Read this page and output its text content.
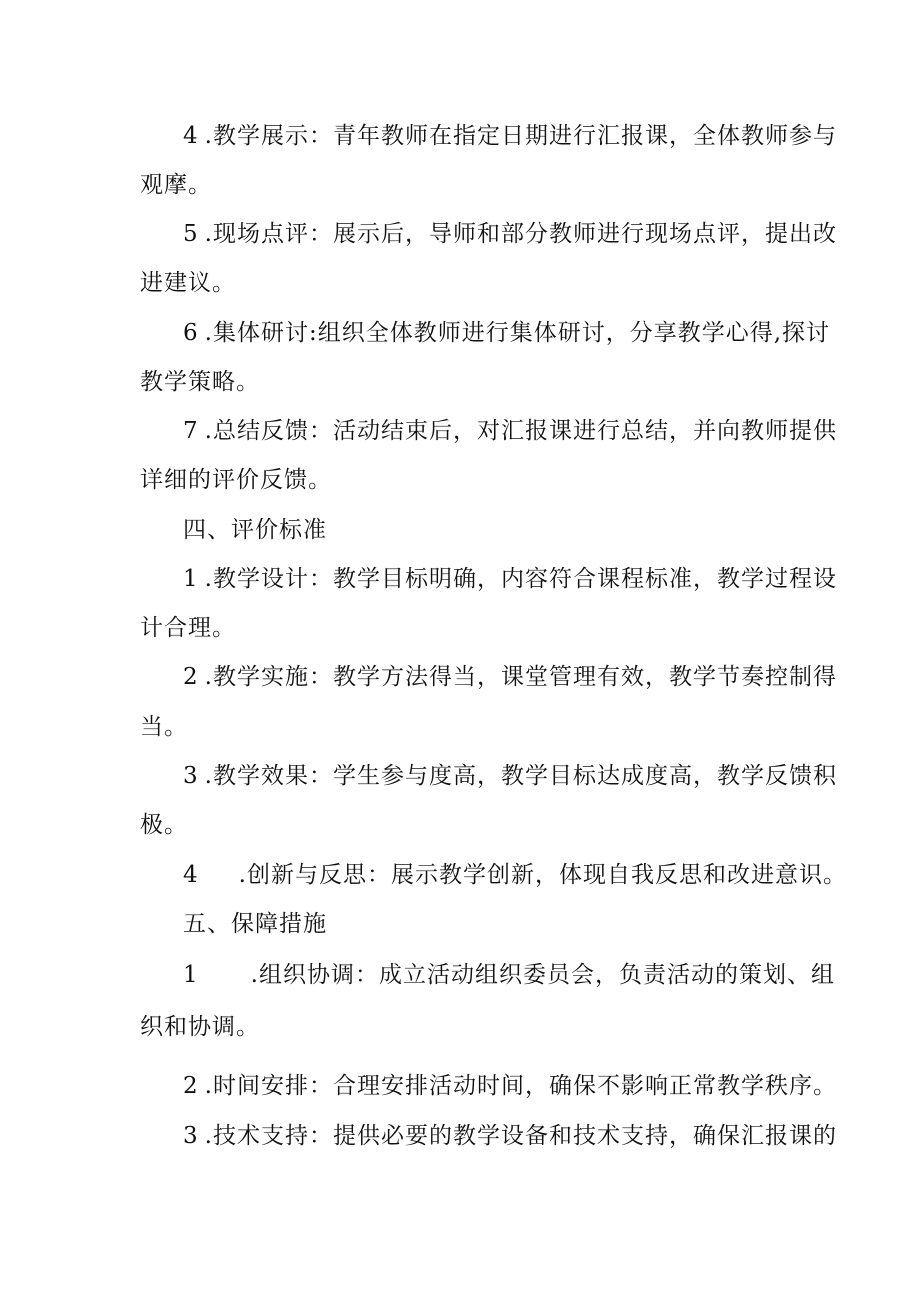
4 .教学展示：青年教师在指定日期进行汇报课，全体教师参与
观摩。
5 .现场点评：展示后，导师和部分教师进行现场点评，提出改
进建议。
6 .集体研讨:组织全体教师进行集体研讨，分享教学心得,探讨
教学策略。
7 .总结反馈：活动结束后，对汇报课进行总结，并向教师提供
详细的评价反馈。
四、评价标准
1 .教学设计：教学目标明确，内容符合课程标准，教学过程设
计合理。
2 .教学实施：教学方法得当，课堂管理有效，教学节奏控制得
当。
3 .教学效果：学生参与度高，教学目标达成度高，教学反馈积
极。
4 .创新与反思：展示教学创新，体现自我反思和改进意识。
五、保障措施
1 .组织协调：成立活动组织委员会，负责活动的策划、组
织和协调。
2 .时间安排：合理安排活动时间，确保不影响正常教学秩序。
3 .技术支持：提供必要的教学设备和技术支持，确保汇报课的
